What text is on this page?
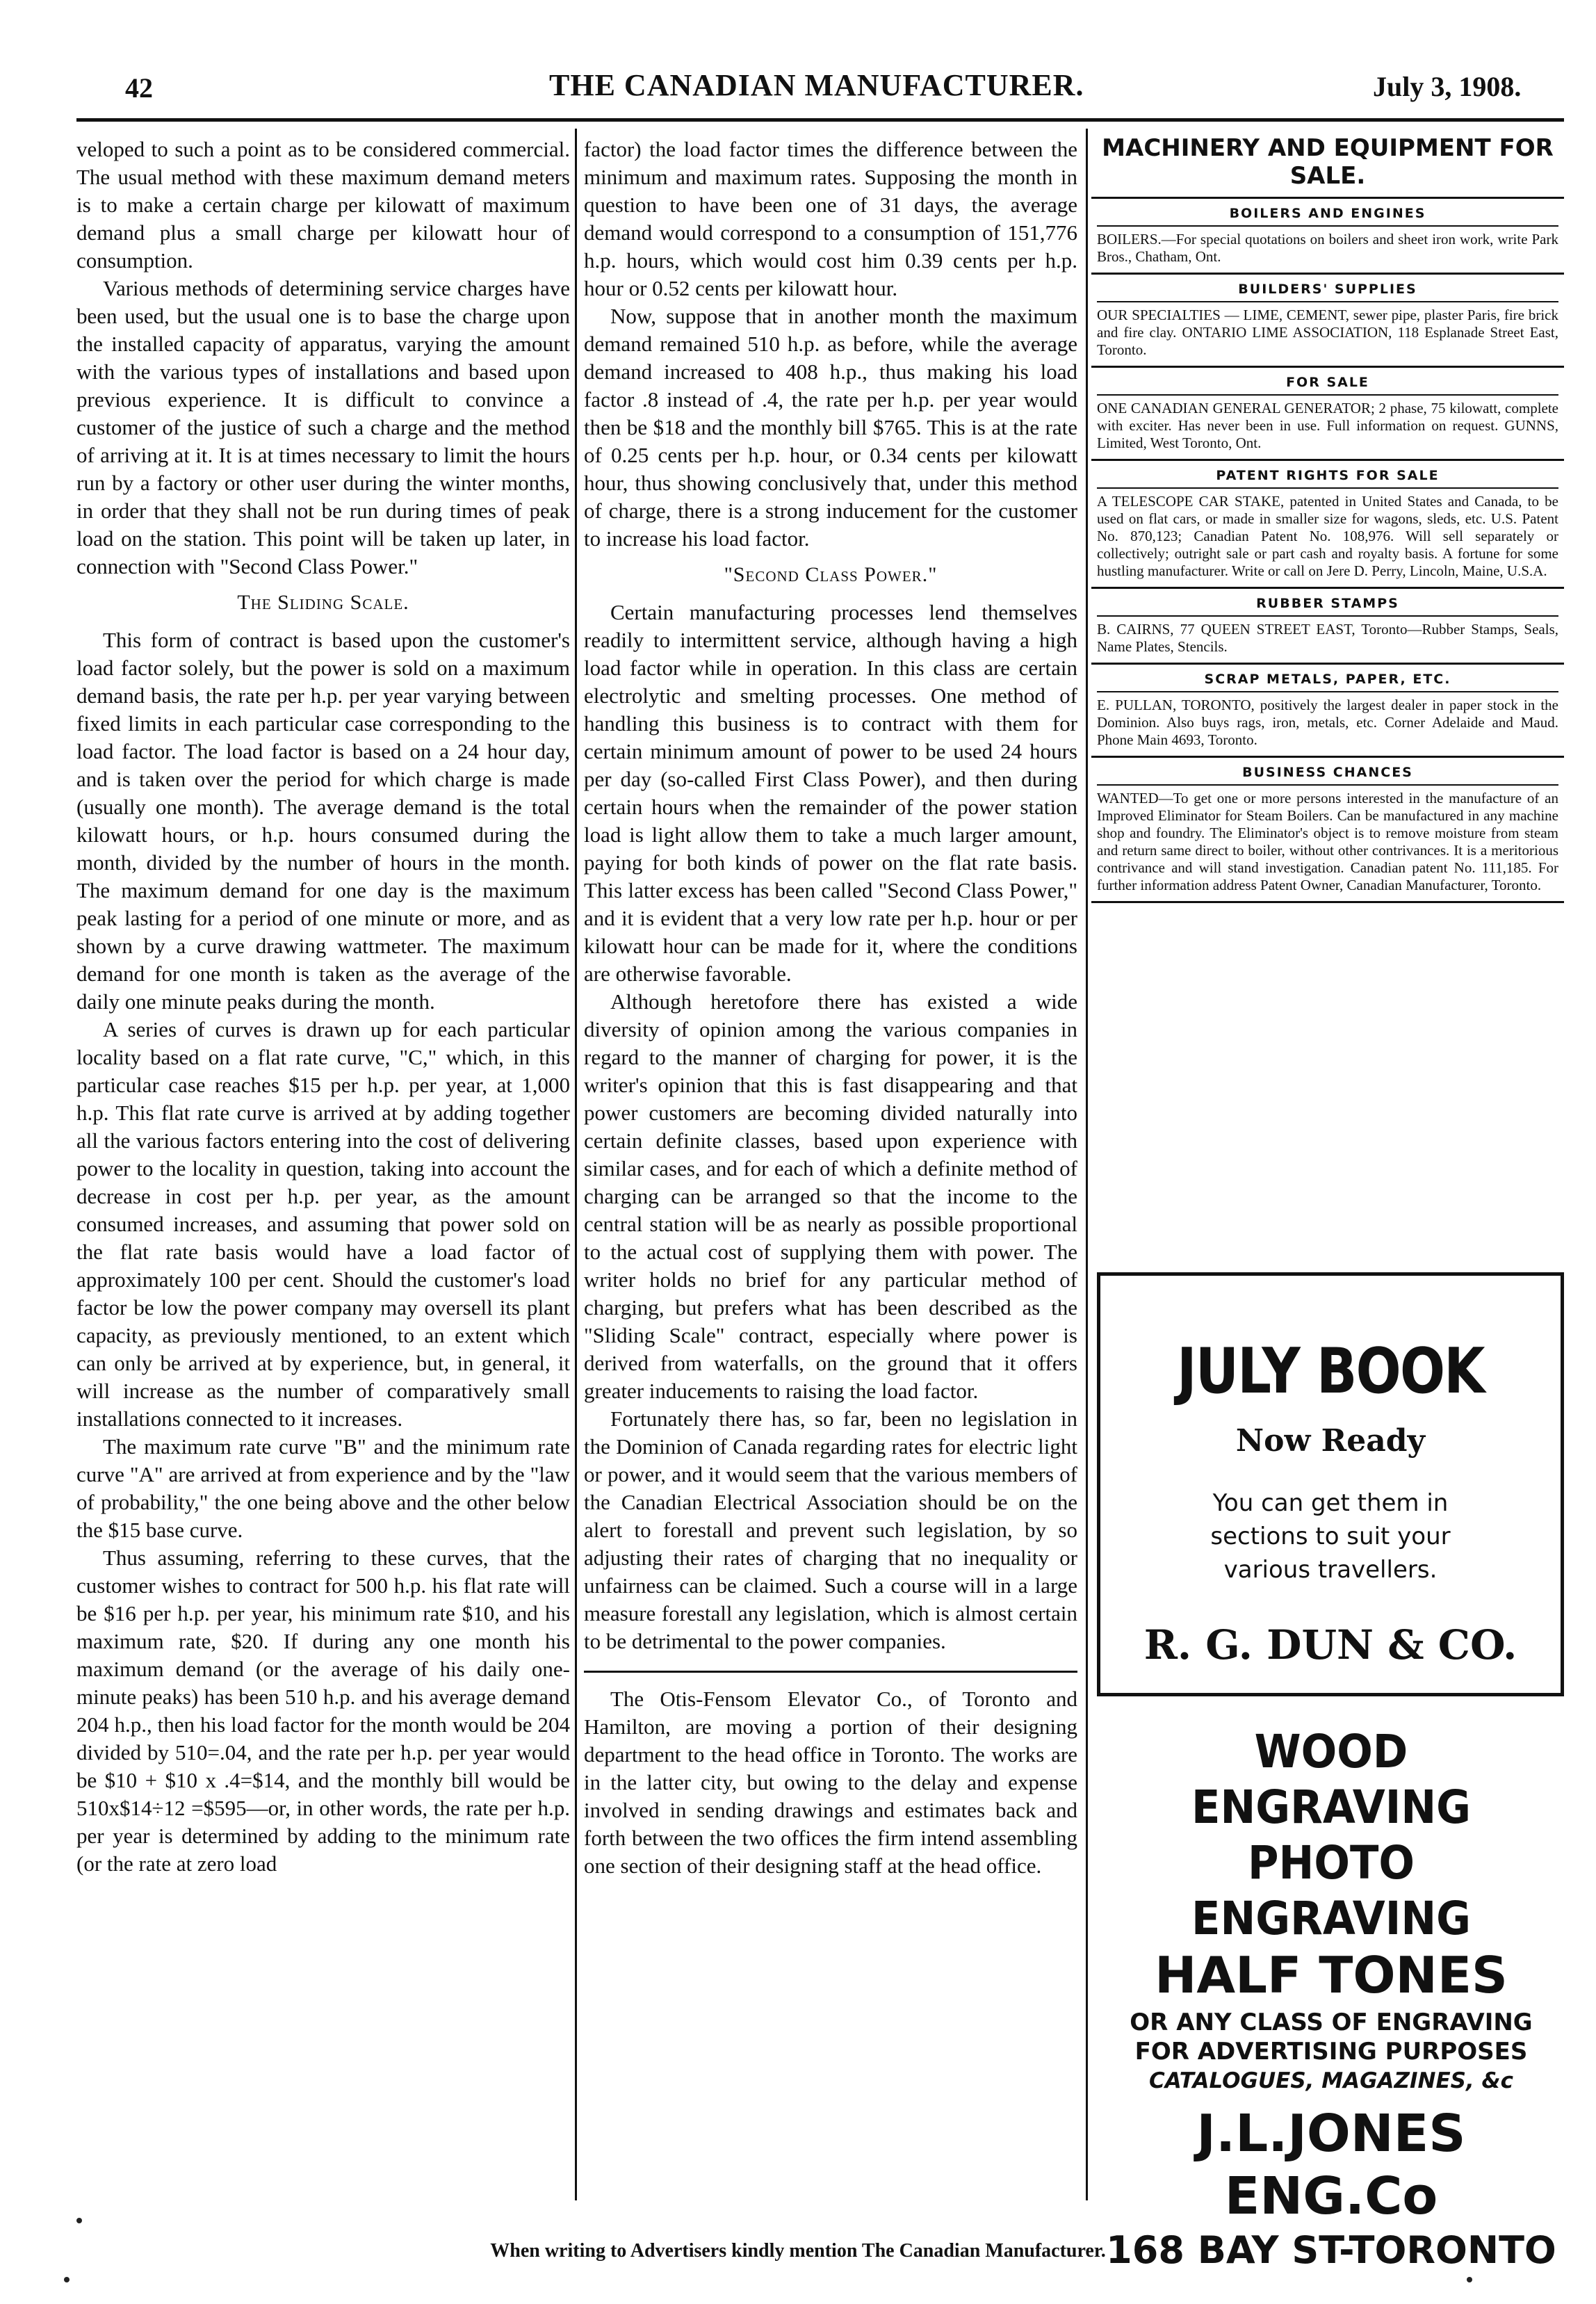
42	THE CANADIAN MANUFACTURER.	July 3, 1908.

veloped to such a point as to be considered commercial. The usual method with these maximum demand meters is to make a certain charge per kilowatt of maximum demand plus a small charge per kilowatt hour of consumption.

Various methods of determining service charges have been used, but the usual one is to base the charge upon the installed capacity of apparatus, varying the amount with the various types of installations and based upon previous experience. It is difficult to convince a customer of the justice of such a charge and the method of arriving at it. It is at times necessary to limit the hours run by a factory or other user during the winter months, in order that they shall not be run during times of peak load on the station. This point will be taken up later, in connection with "Second Class Power."

The Sliding Scale.

This form of contract is based upon the customer's load factor solely, but the power is sold on a maximum demand basis, the rate per h.p. per year varying between fixed limits in each particular case corresponding to the load factor. The load factor is based on a 24 hour day, and is taken over the period for which charge is made (usually one month). The average demand is the total kilowatt hours, or h.p. hours consumed during the month, divided by the number of hours in the month. The maximum demand for one day is the maximum peak lasting for a period of one minute or more, and as shown by a curve drawing wattmeter. The maximum demand for one month is taken as the average of the daily one minute peaks during the month.

A series of curves is drawn up for each particular locality based on a flat rate curve, "C," which, in this particular case reaches $15 per h.p. per year, at 1,000 h.p. This flat rate curve is arrived at by adding together all the various factors entering into the cost of delivering power to the locality in question, taking into account the decrease in cost per h.p. per year, as the amount consumed increases, and assuming that power sold on the flat rate basis would have a load factor of approximately 100 per cent. Should the customer's load factor be low the power company may oversell its plant capacity, as previously mentioned, to an extent which can only be arrived at by experience, but, in general, it will increase as the number of comparatively small installations connected to it increases.

The maximum rate curve "B" and the minimum rate curve "A" are arrived at from experience and by the "law of probability," the one being above and the other below the $15 base curve.

Thus assuming, referring to these curves, that the customer wishes to contract for 500 h.p. his flat rate will be $16 per h.p. per year, his minimum rate $10, and his maximum rate, $20. If during any one month his maximum demand (or the average of his daily one-minute peaks) has been 510 h.p. and his average demand 204 h.p., then his load factor for the month would be 204 divided by 510=.04, and the rate per h.p. per year would be $10 + $10 x .4=$14, and the monthly bill would be 510x$14÷12 =$595—or, in other words, the rate per h.p. per year is determined by adding to the minimum rate (or the rate at zero load

factor) the load factor times the difference between the minimum and maximum rates. Supposing the month in question to have been one of 31 days, the average demand would correspond to a consumption of 151,776 h.p. hours, which would cost him 0.39 cents per h.p. hour or 0.52 cents per kilowatt hour.

Now, suppose that in another month the maximum demand remained 510 h.p. as before, while the average demand increased to 408 h.p., thus making his load factor .8 instead of .4, the rate per h.p. per year would then be $18 and the monthly bill $765. This is at the rate of 0.25 cents per h.p. hour, or 0.34 cents per kilowatt hour, thus showing conclusively that, under this method of charge, there is a strong inducement for the customer to increase his load factor.

"Second Class Power."

Certain manufacturing processes lend themselves readily to intermittent service, although having a high load factor while in operation. In this class are certain electrolytic and smelting processes. One method of handling this business is to contract with them for certain minimum amount of power to be used 24 hours per day (so-called First Class Power), and then during certain hours when the remainder of the power station load is light allow them to take a much larger amount, paying for both kinds of power on the flat rate basis. This latter excess has been called "Second Class Power," and it is evident that a very low rate per h.p. hour or per kilowatt hour can be made for it, where the conditions are otherwise favorable.

Although heretofore there has existed a wide diversity of opinion among the various companies in regard to the manner of charging for power, it is the writer's opinion that this is fast disappearing and that power customers are becoming divided naturally into certain definite classes, based upon experience with similar cases, and for each of which a definite method of charging can be arranged so that the income to the central station will be as nearly as possible proportional to the actual cost of supplying them with power. The writer holds no brief for any particular method of charging, but prefers what has been described as the "Sliding Scale" contract, especially where power is derived from waterfalls, on the ground that it offers greater inducements to raising the load factor.

Fortunately there has, so far, been no legislation in the Dominion of Canada regarding rates for electric light or power, and it would seem that the various members of the Canadian Electrical Association should be on the alert to forestall and prevent such legislation, by so adjusting their rates of charging that no inequality or unfairness can be claimed. Such a course will in a large measure forestall any legislation, which is almost certain to be detrimental to the power companies.

The Otis-Fensom Elevator Co., of Toronto and Hamilton, are moving a portion of their designing department to the head office in Toronto. The works are in the latter city, but owing to the delay and expense involved in sending drawings and estimates back and forth between the two offices the firm intend assembling one section of their designing staff at the head office.

MACHINERY AND EQUIPMENT FOR SALE.
BOILERS AND ENGINES

BOILERS.—For special quotations on boilers and sheet iron work, write Park Bros., Chatham, Ont.

BUILDERS' SUPPLIES

OUR SPECIALTIES — LIME, CEMENT, sewer pipe, plaster Paris, fire brick and fire clay. ONTARIO LIME ASSOCIATION, 118 Esplanade Street East, Toronto.

FOR SALE

ONE CANADIAN GENERAL GENERATOR; 2 phase, 75 kilowatt, complete with exciter. Has never been in use. Full information on request. GUNNS, Limited, West Toronto, Ont.

PATENT RIGHTS FOR SALE

A TELESCOPE CAR STAKE, patented in United States and Canada, to be used on flat cars, or made in smaller size for wagons, sleds, etc. U.S. Patent No. 870,123; Canadian Patent No. 108,976. Will sell separately or collectively; outright sale or part cash and royalty basis. A fortune for some hustling manufacturer. Write or call on Jere D. Perry, Lincoln, Maine, U.S.A.

RUBBER STAMPS

B. CAIRNS, 77 QUEEN STREET EAST, Toronto—Rubber Stamps, Seals, Name Plates, Stencils.

SCRAP METALS, PAPER, ETC.

E. PULLAN, TORONTO, positively the largest dealer in paper stock in the Dominion. Also buys rags, iron, metals, etc. Corner Adelaide and Maud. Phone Main 4693, Toronto.

BUSINESS CHANCES

WANTED—To get one or more persons interested in the manufacture of an Improved Eliminator for Steam Boilers. Can be manufactured in any machine shop and foundry. The Eliminator's object is to remove moisture from steam and return same direct to boiler, without other contrivances. It is a meritorious contrivance and will stand investigation. Canadian patent No. 111,185. For further information address Patent Owner, Canadian Manufacturer, Toronto.

JULY BOOK
Now Ready
You can get them in
sections to suit your
various travellers.
R. G. DUN & CO.
WOOD ENGRAVING
PHOTO ENGRAVING
HALF TONES
OR ANY CLASS OF ENGRAVING
FOR ADVERTISING PURPOSES
CATALOGUES, MAGAZINES, &c
J.L.JONES ENG.Co
168 BAY ST-TORONTO
When writing to Advertisers kindly mention The Canadian Manufacturer.
